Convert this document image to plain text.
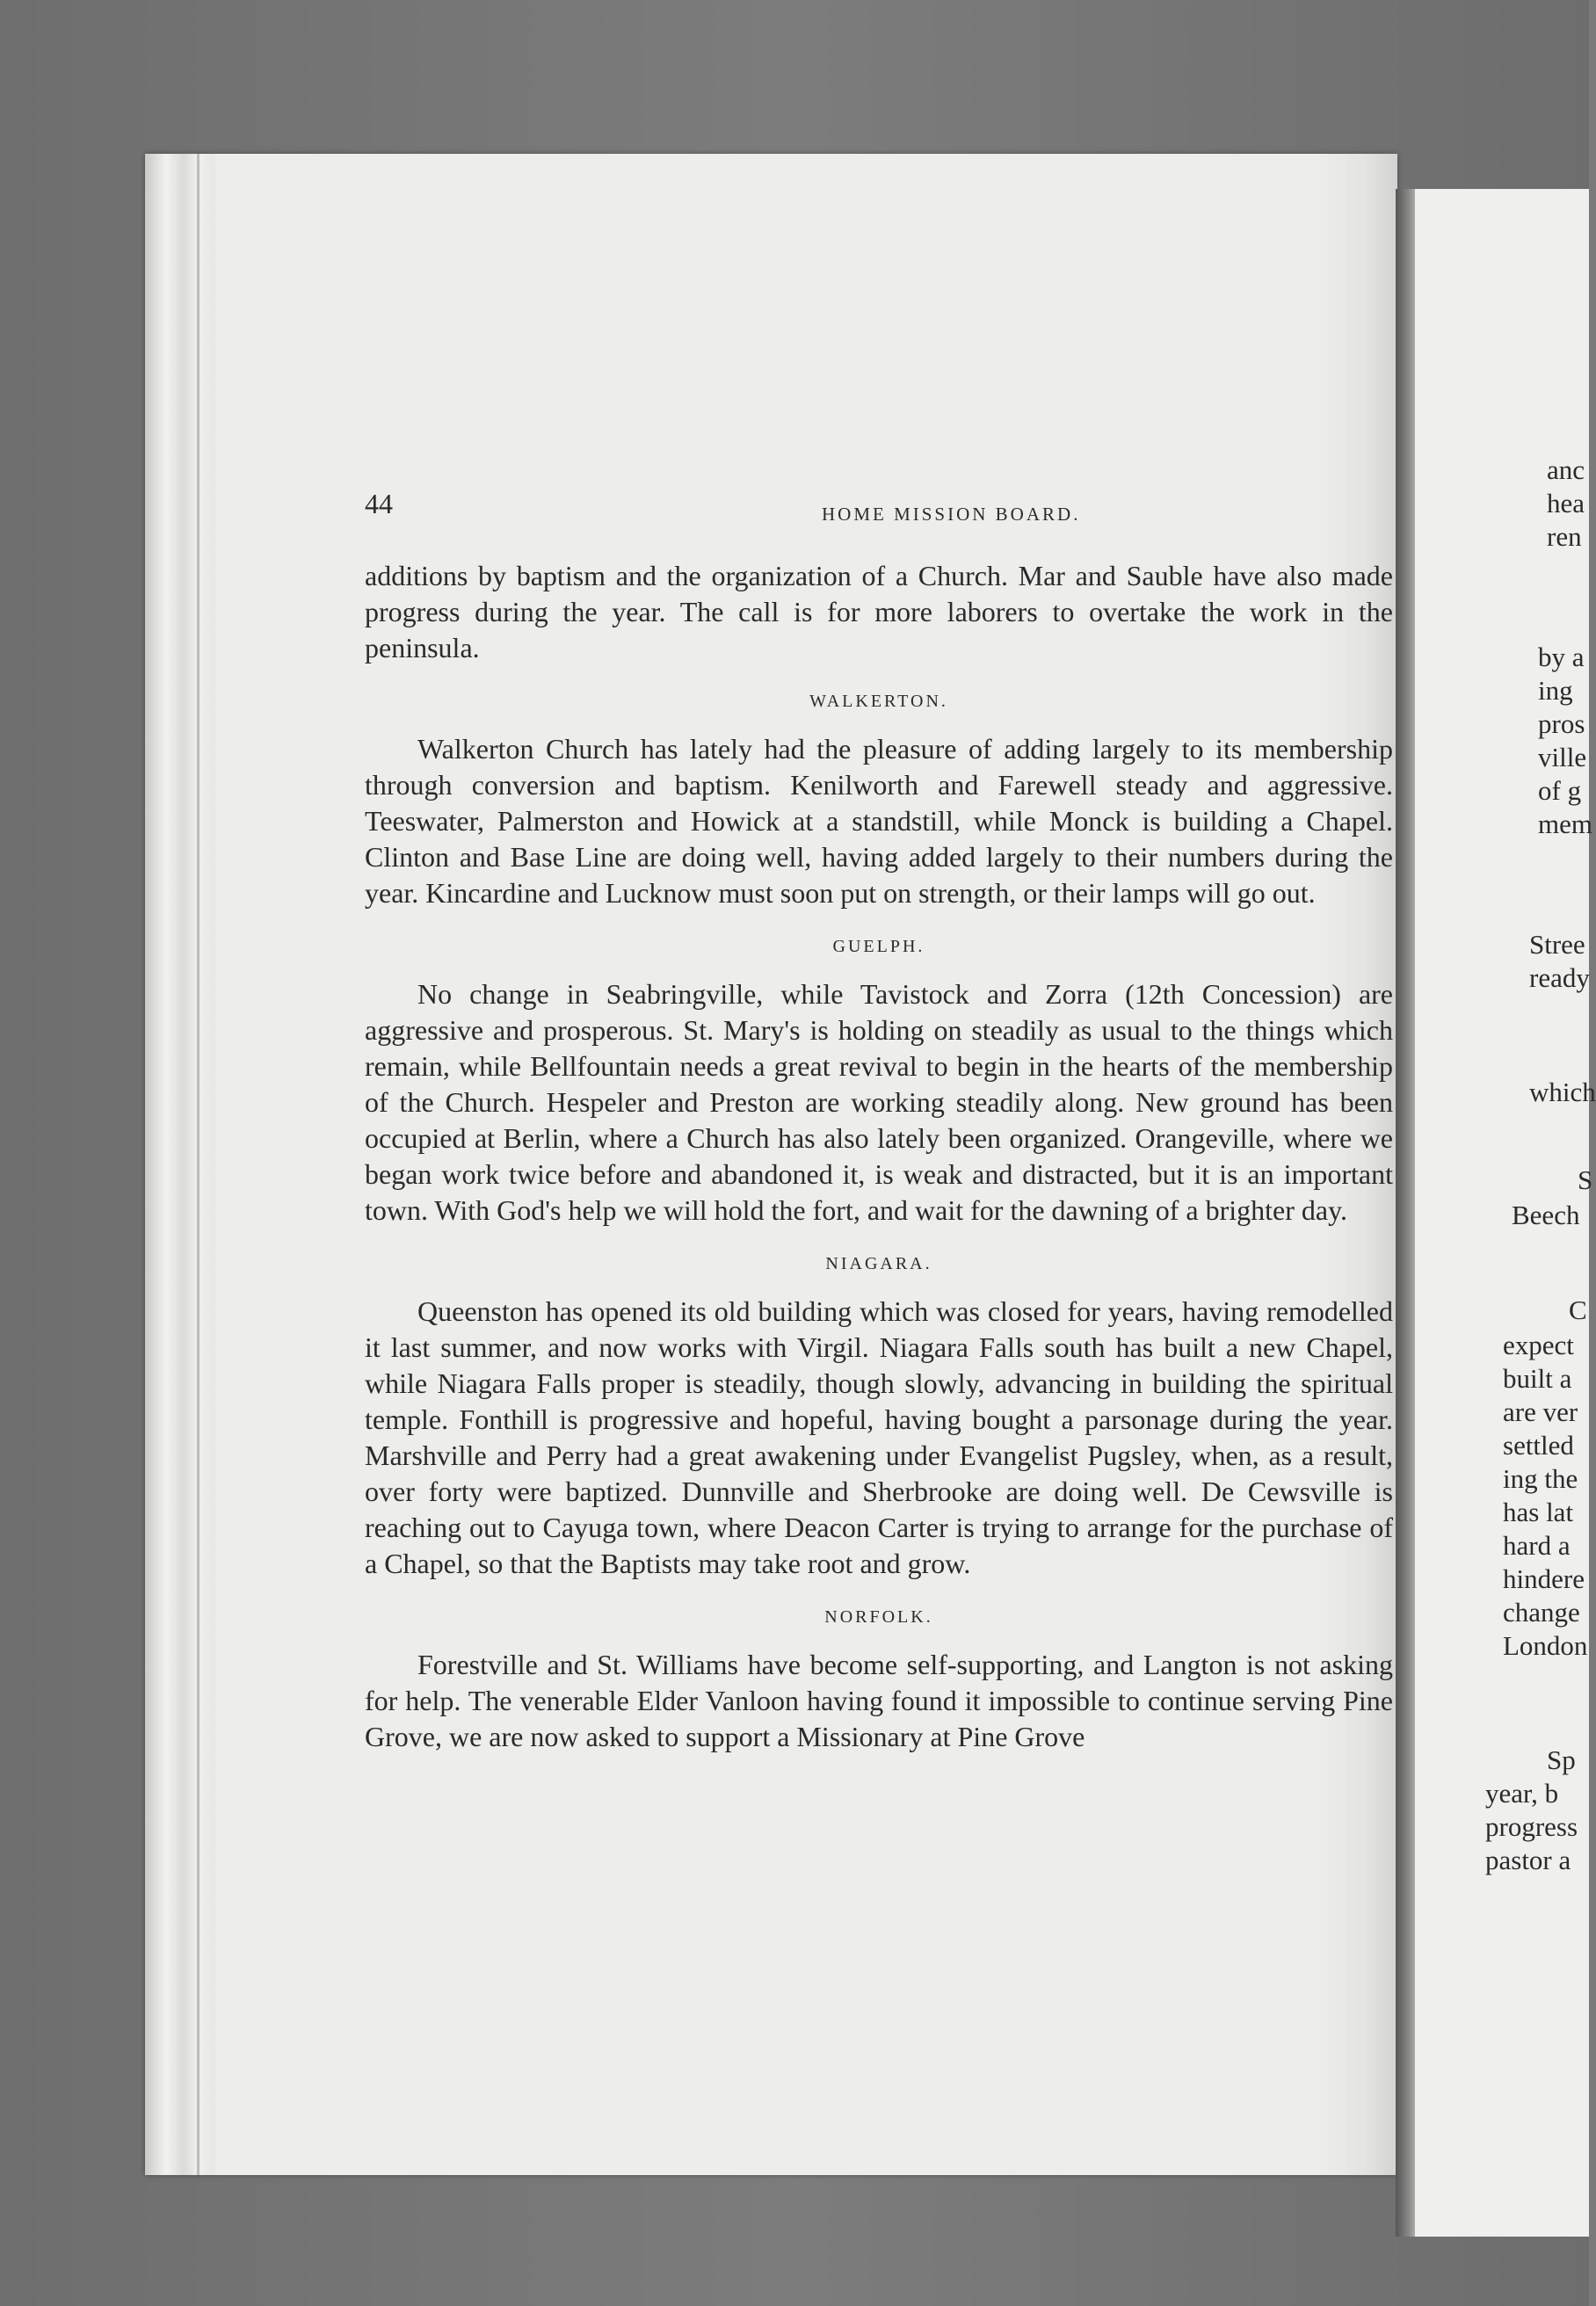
44	HOME MISSION BOARD.

additions by baptism and the organization of a Church. Mar and Sauble have also made progress during the year. The call is for more laborers to overtake the work in the peninsula.

WALKERTON.

Walkerton Church has lately had the pleasure of adding largely to its membership through conversion and baptism. Kenilworth and Farewell steady and aggressive. Teeswater, Palmerston and Howick at a standstill, while Monck is building a Chapel. Clinton and Base Line are doing well, having added largely to their numbers during the year. Kincardine and Lucknow must soon put on strength, or their lamps will go out.

GUELPH.

No change in Seabringville, while Tavistock and Zorra (12th Concession) are aggressive and prosperous. St. Mary's is holding on steadily as usual to the things which remain, while Bellfountain needs a great revival to begin in the hearts of the membership of the Church. Hespeler and Preston are working steadily along. New ground has been occupied at Berlin, where a Church has also lately been organized. Orangeville, where we began work twice before and abandoned it, is weak and distracted, but it is an important town. With God's help we will hold the fort, and wait for the dawning of a brighter day.

NIAGARA.

Queenston has opened its old building which was closed for years, having remodelled it last summer, and now works with Virgil. Niagara Falls south has built a new Chapel, while Niagara Falls proper is steadily, though slowly, advancing in building the spiritual temple. Fonthill is progressive and hopeful, having bought a parsonage during the year. Marshville and Perry had a great awakening under Evangelist Pugsley, when, as a result, over forty were baptized. Dunnville and Sherbrooke are doing well. De Cewsville is reaching out to Cayuga town, where Deacon Carter is trying to arrange for the purchase of a Chapel, so that the Baptists may take root and grow.

NORFOLK.

Forestville and St. Williams have become self-supporting, and Langton is not asking for help. The venerable Elder Vanloon having found it impossible to continue serving Pine Grove, we are now asked to support a Missionary at Pine Grove

anc
hea
ren
by a
ing
pros
ville
of g
mem
Stree
ready
which
S
Beech
C
expect
built a
are ver
settled
ing the
has lat
hard a
hindere
change
London
Sp
year, b
progress
pastor a
